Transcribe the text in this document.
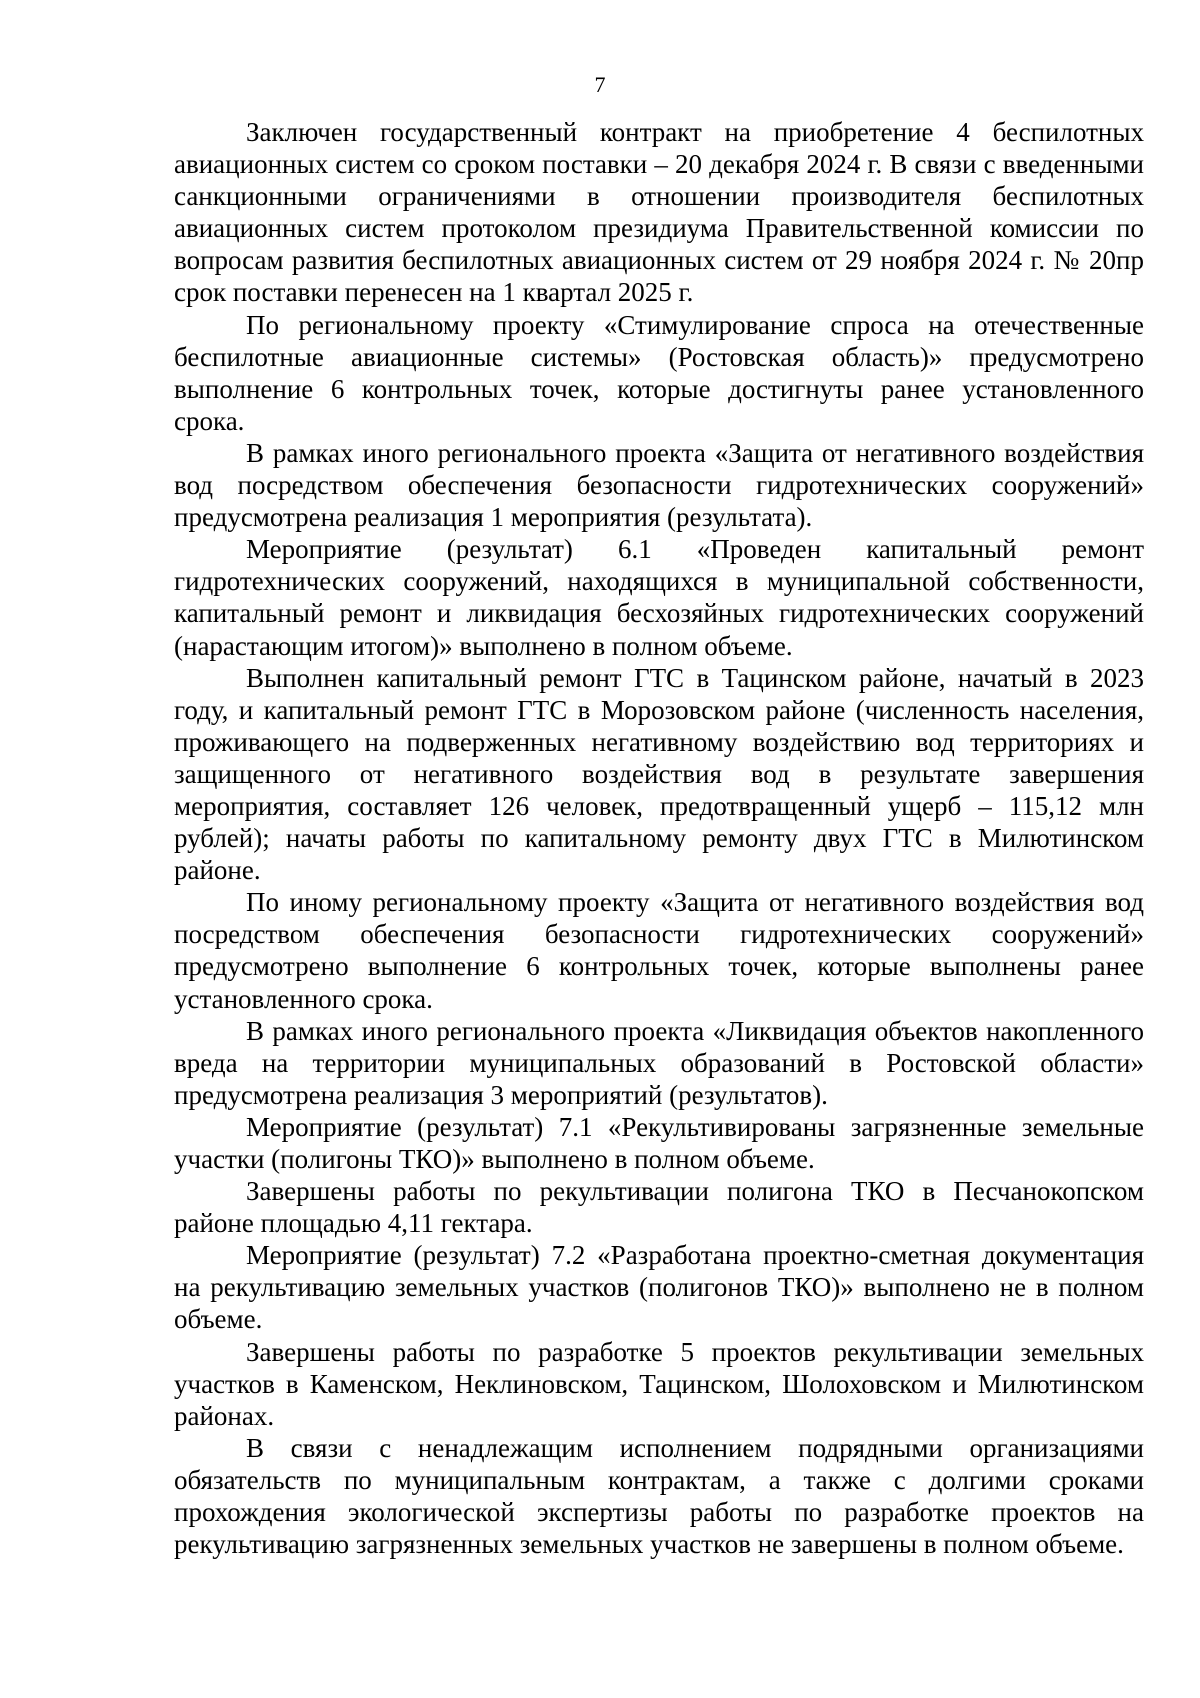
7

Заключен государственный контракт на приобретение 4 беспилотных авиационных систем со сроком поставки – 20 декабря 2024 г. В связи с введенными санкционными ограничениями в отношении производителя беспилотных авиационных систем протоколом президиума Правительственной комиссии по вопросам развития беспилотных авиационных систем от 29 ноября 2024 г. № 20пр срок поставки перенесен на 1 квартал 2025 г.

По региональному проекту «Стимулирование спроса на отечественные беспилотные авиационные системы» (Ростовская область)» предусмотрено выполнение 6 контрольных точек, которые достигнуты ранее установленного срока.

В рамках иного регионального проекта «Защита от негативного воздействия вод посредством обеспечения безопасности гидротехнических сооружений» предусмотрена реализация 1 мероприятия (результата).

Мероприятие (результат) 6.1 «Проведен капитальный ремонт гидротехнических сооружений, находящихся в муниципальной собственности, капитальный ремонт и ликвидация бесхозяйных гидротехнических сооружений (нарастающим итогом)» выполнено в полном объеме.

Выполнен капитальный ремонт ГТС в Тацинском районе, начатый в 2023 году, и капитальный ремонт ГТС в Морозовском районе (численность населения, проживающего на подверженных негативному воздействию вод территориях и защищенного от негативного воздействия вод в результате завершения мероприятия, составляет 126 человек, предотвращенный ущерб – 115,12 млн рублей); начаты работы по капитальному ремонту двух ГТС в Милютинском районе.

По иному региональному проекту «Защита от негативного воздействия вод посредством обеспечения безопасности гидротехнических сооружений» предусмотрено выполнение 6 контрольных точек, которые выполнены ранее установленного срока.

В рамках иного регионального проекта «Ликвидация объектов накопленного вреда на территории муниципальных образований в Ростовской области» предусмотрена реализация 3 мероприятий (результатов).

Мероприятие (результат) 7.1 «Рекультивированы загрязненные земельные участки (полигоны ТКО)» выполнено в полном объеме.

Завершены работы по рекультивации полигона ТКО в Песчанокопском районе площадью 4,11 гектара.

Мероприятие (результат) 7.2 «Разработана проектно-сметная документация на рекультивацию земельных участков (полигонов ТКО)» выполнено не в полном объеме.

Завершены работы по разработке 5 проектов рекультивации земельных участков в Каменском, Неклиновском, Тацинском, Шолоховском и Милютинском районах.

В связи с ненадлежащим исполнением подрядными организациями обязательств по муниципальным контрактам, а также с долгими сроками прохождения экологической экспертизы работы по разработке проектов на рекультивацию загрязненных земельных участков не завершены в полном объеме.
